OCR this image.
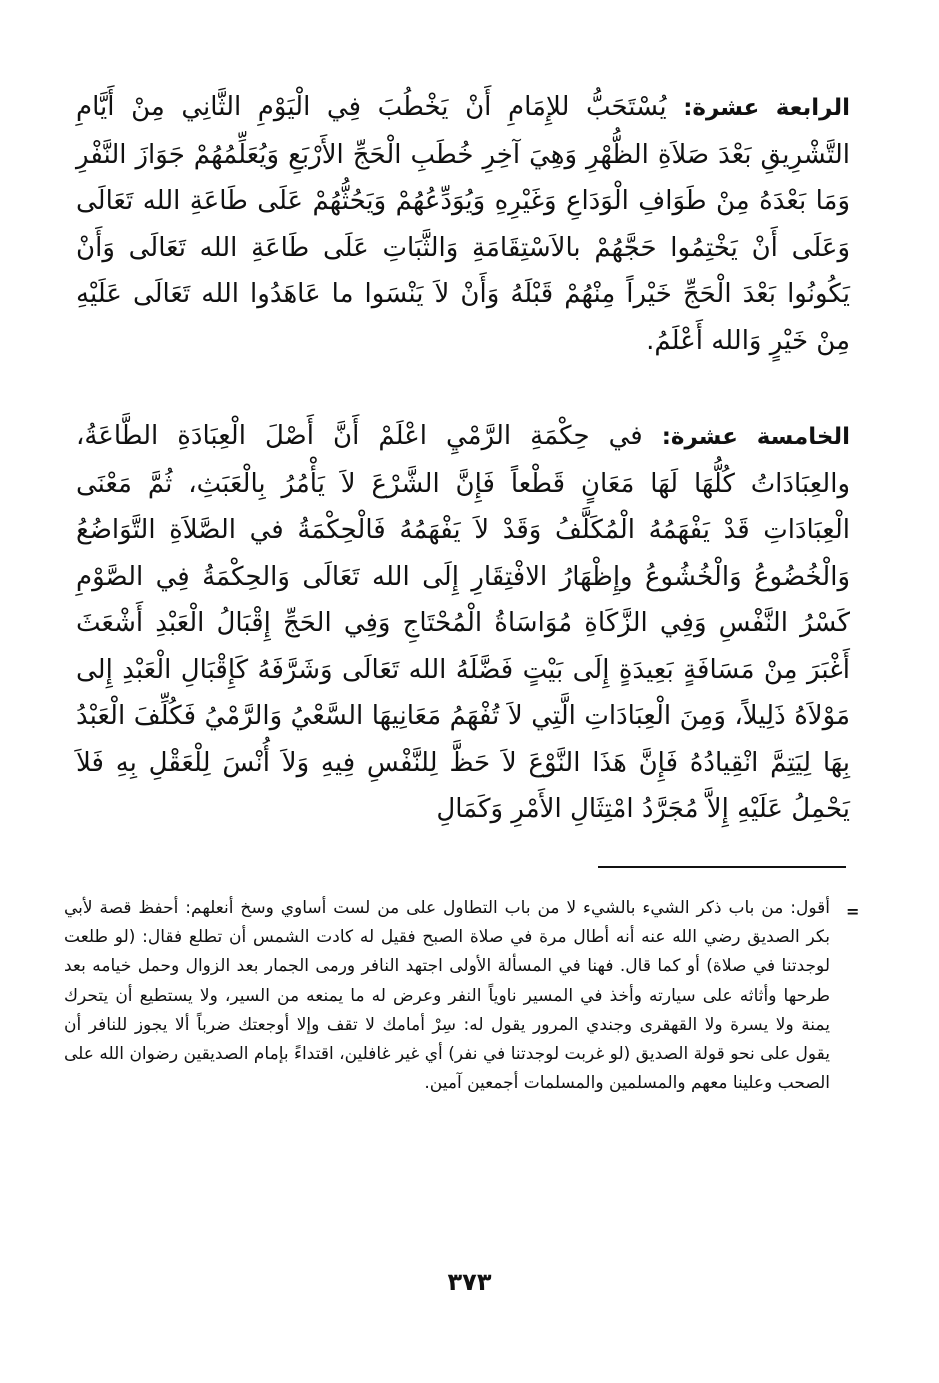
الرابعة عشرة: يُسْتَحَبُّ للإِمَامِ أَنْ يَخْطُبَ فِي الْيَوْمِ الثَّانِي مِنْ أَيَّامِ التَّشْرِيقِ بَعْدَ صَلاَةِ الظُّهْرِ وَهِيَ آخِرِ خُطَبِ الْحَجِّ الأَرْبَعِ وَيُعَلِّمُهُمْ جَوَازَ النَّفْرِ وَمَا بَعْدَهُ مِنْ طَوَافِ الْوَدَاعِ وَغَيْرِهِ وَيُوَدِّعُهُمْ وَيَحُثُّهُمْ عَلَى طَاعَةِ الله تَعَالَى وَعَلَى أَنْ يَخْتِمُوا حَجَّهُمْ بالاَسْتِقَامَةِ وَالثَّبَاتِ عَلَى طَاعَةِ الله تَعَالَى وَأَنْ يَكُونُوا بَعْدَ الْحَجِّ خَيْراً مِنْهُمْ قَبْلَهُ وَأَنْ لاَ يَنْسَوا ما عَاهَدُوا الله تَعَالَى عَلَيْهِ مِنْ خَيْرٍ وَالله أَعْلَمُ.
الخامسة عشرة: في حِكْمَةِ الرَّمْيِ اعْلَمْ أَنَّ أَصْلَ الْعِبَادَةِ الطَّاعَةُ، والعِبَادَاتُ كُلُّهَا لَهَا مَعَانٍ قَطْعاً فَإِنَّ الشَّرْعَ لاَ يَأْمُرُ بِالْعَبَثِ، ثُمَّ مَعْنَى الْعِبَادَاتِ قَدْ يَفْهَمُهُ الْمُكَلَّفُ وَقَدْ لاَ يَفْهَمُهُ فَالْحِكْمَةُ في الصَّلاَةِ التَّوَاضُعُ وَالْخُضُوعُ وَالْخُشُوعُ وإِظْهَارُ الافْتِقَارِ إِلَى الله تَعَالَى وَالحِكْمَةُ فِي الصَّوْمِ كَسْرُ النَّفْسِ وَفِي الزَّكَاةِ مُوَاسَاةُ الْمُحْتَاجِ وَفِي الحَجِّ إِقْبَالُ الْعَبْدِ أَشْعَثَ أَغْبَرَ مِنْ مَسَافَةٍ بَعِيدَةٍ إِلَى بَيْتٍ فَضَّلَهُ الله تَعَالَى وَشَرَّفَهُ كَإِقْبَالِ الْعَبْدِ إِلى مَوْلاَهُ ذَلِيلاً، وَمِنَ الْعِبَادَاتِ الَّتِي لاَ تُفْهَمُ مَعَانِيهَا السَّعْيُ وَالرَّمْيُ فَكُلِّفَ الْعَبْدُ بِهَا لِيَتِمَّ انْقِيادُهُ فَإِنَّ هَذَا النَّوْعَ لاَ حَظَّ لِلنَّفْسِ فِيهِ وَلاَ أُنْسَ لِلْعَقْلِ بِهِ فَلاَ يَحْمِلُ عَلَيْهِ إِلاَّ مُجَرَّدُ امْتِثَالِ الأَمْرِ وَكَمَالِ
=
أقول: من باب ذكر الشيء بالشيء لا من باب التطاول على من لست أساوي وسخ أنعلهم: أحفظ قصة لأبي بكر الصديق رضي الله عنه أنه أطال مرة في صلاة الصبح فقيل له كادت الشمس أن تطلع فقال: (لو طلعت لوجدتنا في صلاة) أو كما قال. فهنا في المسألة الأولى اجتهد النافر ورمى الجمار بعد الزوال وحمل خيامه بعد طرحها وأثاثه على سيارته وأخذ في المسير ناوياً النفر وعرض له ما يمنعه من السير، ولا يستطيع أن يتحرك يمنة ولا يسرة ولا القهقرى وجندي المرور يقول له: سِرْ أمامك لا تقف وإلا أوجعتك ضرباً ألا يجوز للنافر أن يقول على نحو قولة الصديق (لو غربت لوجدتنا في نفر) أي غير غافلين، اقتداءً بإمام الصديقين رضوان الله على الصحب وعلينا معهم والمسلمين والمسلمات أجمعين آمين.
٣٧٣
